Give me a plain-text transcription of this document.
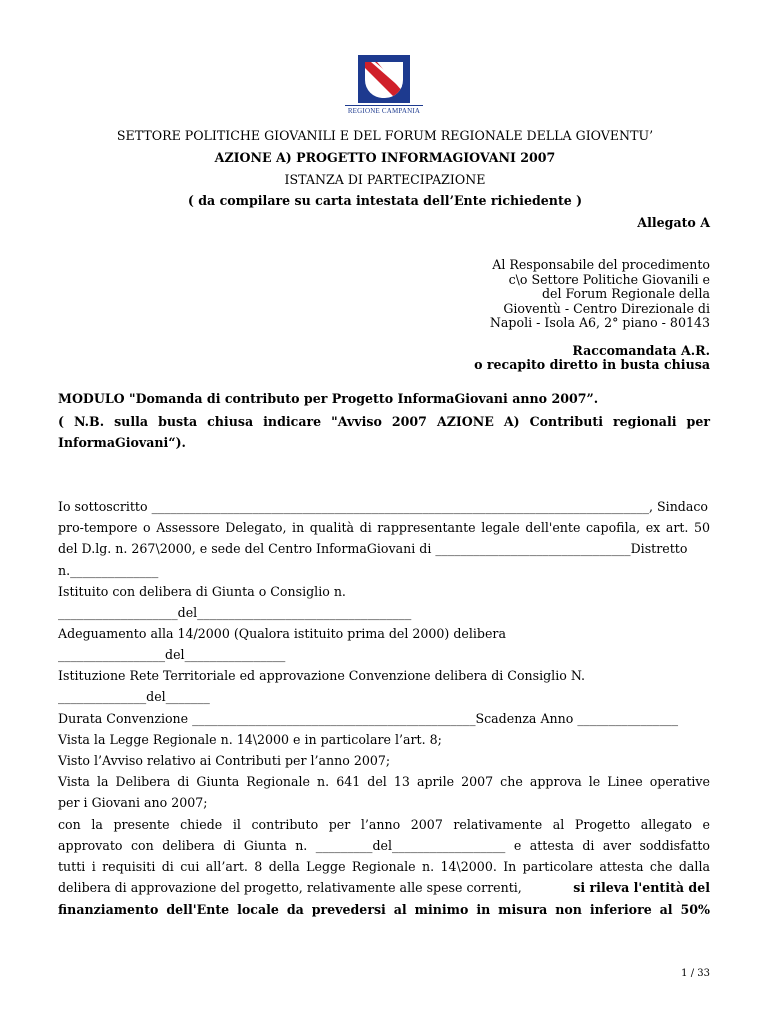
REGIONE CAMPANIA
SETTORE POLITICHE GIOVANILI E DEL FORUM REGIONALE DELLA GIOVENTU’
AZIONE A) PROGETTO INFORMAGIOVANI 2007
ISTANZA DI PARTECIPAZIONE
( da compilare su carta intestata dell’Ente richiedente )
Allegato A
Al Responsabile del procedimento
c\o Settore Politiche Giovanili e
del Forum Regionale della
Gioventù - Centro Direzionale di
Napoli - Isola A6, 2° piano - 80143
Raccomandata A.R.
o recapito diretto in busta chiusa
MODULO "Domanda di contributo per Progetto InformaGiovani anno 2007”.
( N.B. sulla busta chiusa indicare "Avviso 2007 AZIONE A) Contributi regionali per
InformaGiovani“).
Io sottoscritto _______________________________________________________________________________, Sindaco
pro-tempore o Assessore Delegato, in qualità di rappresentante legale dell'ente capofila, ex art. 50
del D.lg. n. 267\2000, e sede del Centro InformaGiovani di _______________________________Distretto
n.______________
Istituito con delibera di Giunta o Consiglio n.
___________________del__________________________________
Adeguamento alla 14/2000 (Qualora istituito prima del 2000) delibera
_________________del________________
Istituzione Rete Territoriale ed approvazione Convenzione delibera di Consiglio N.
______________del_______
Durata Convenzione _____________________________________________Scadenza Anno ________________
Vista la Legge Regionale n. 14\2000 e in particolare l’art. 8;
Visto l’Avviso relativo ai Contributi per l’anno 2007;
Vista la Delibera di Giunta Regionale n. 641 del 13 aprile 2007 che approva le Linee operative
per i Giovani ano 2007;
con la presente chiede il contributo per l’anno 2007 relativamente al Progetto allegato e
approvato con delibera di Giunta n. _________del__________________ e attesta di aver soddisfatto
tutti i requisiti di cui all’art. 8 della Legge Regionale n. 14\2000. In particolare attesta che dalla
delibera di approvazione del progetto, relativamente alle spese correnti,	si rileva l'entità del
finanziamento dell'Ente locale da prevedersi al minimo in misura non inferiore al 50%
1 / 33
